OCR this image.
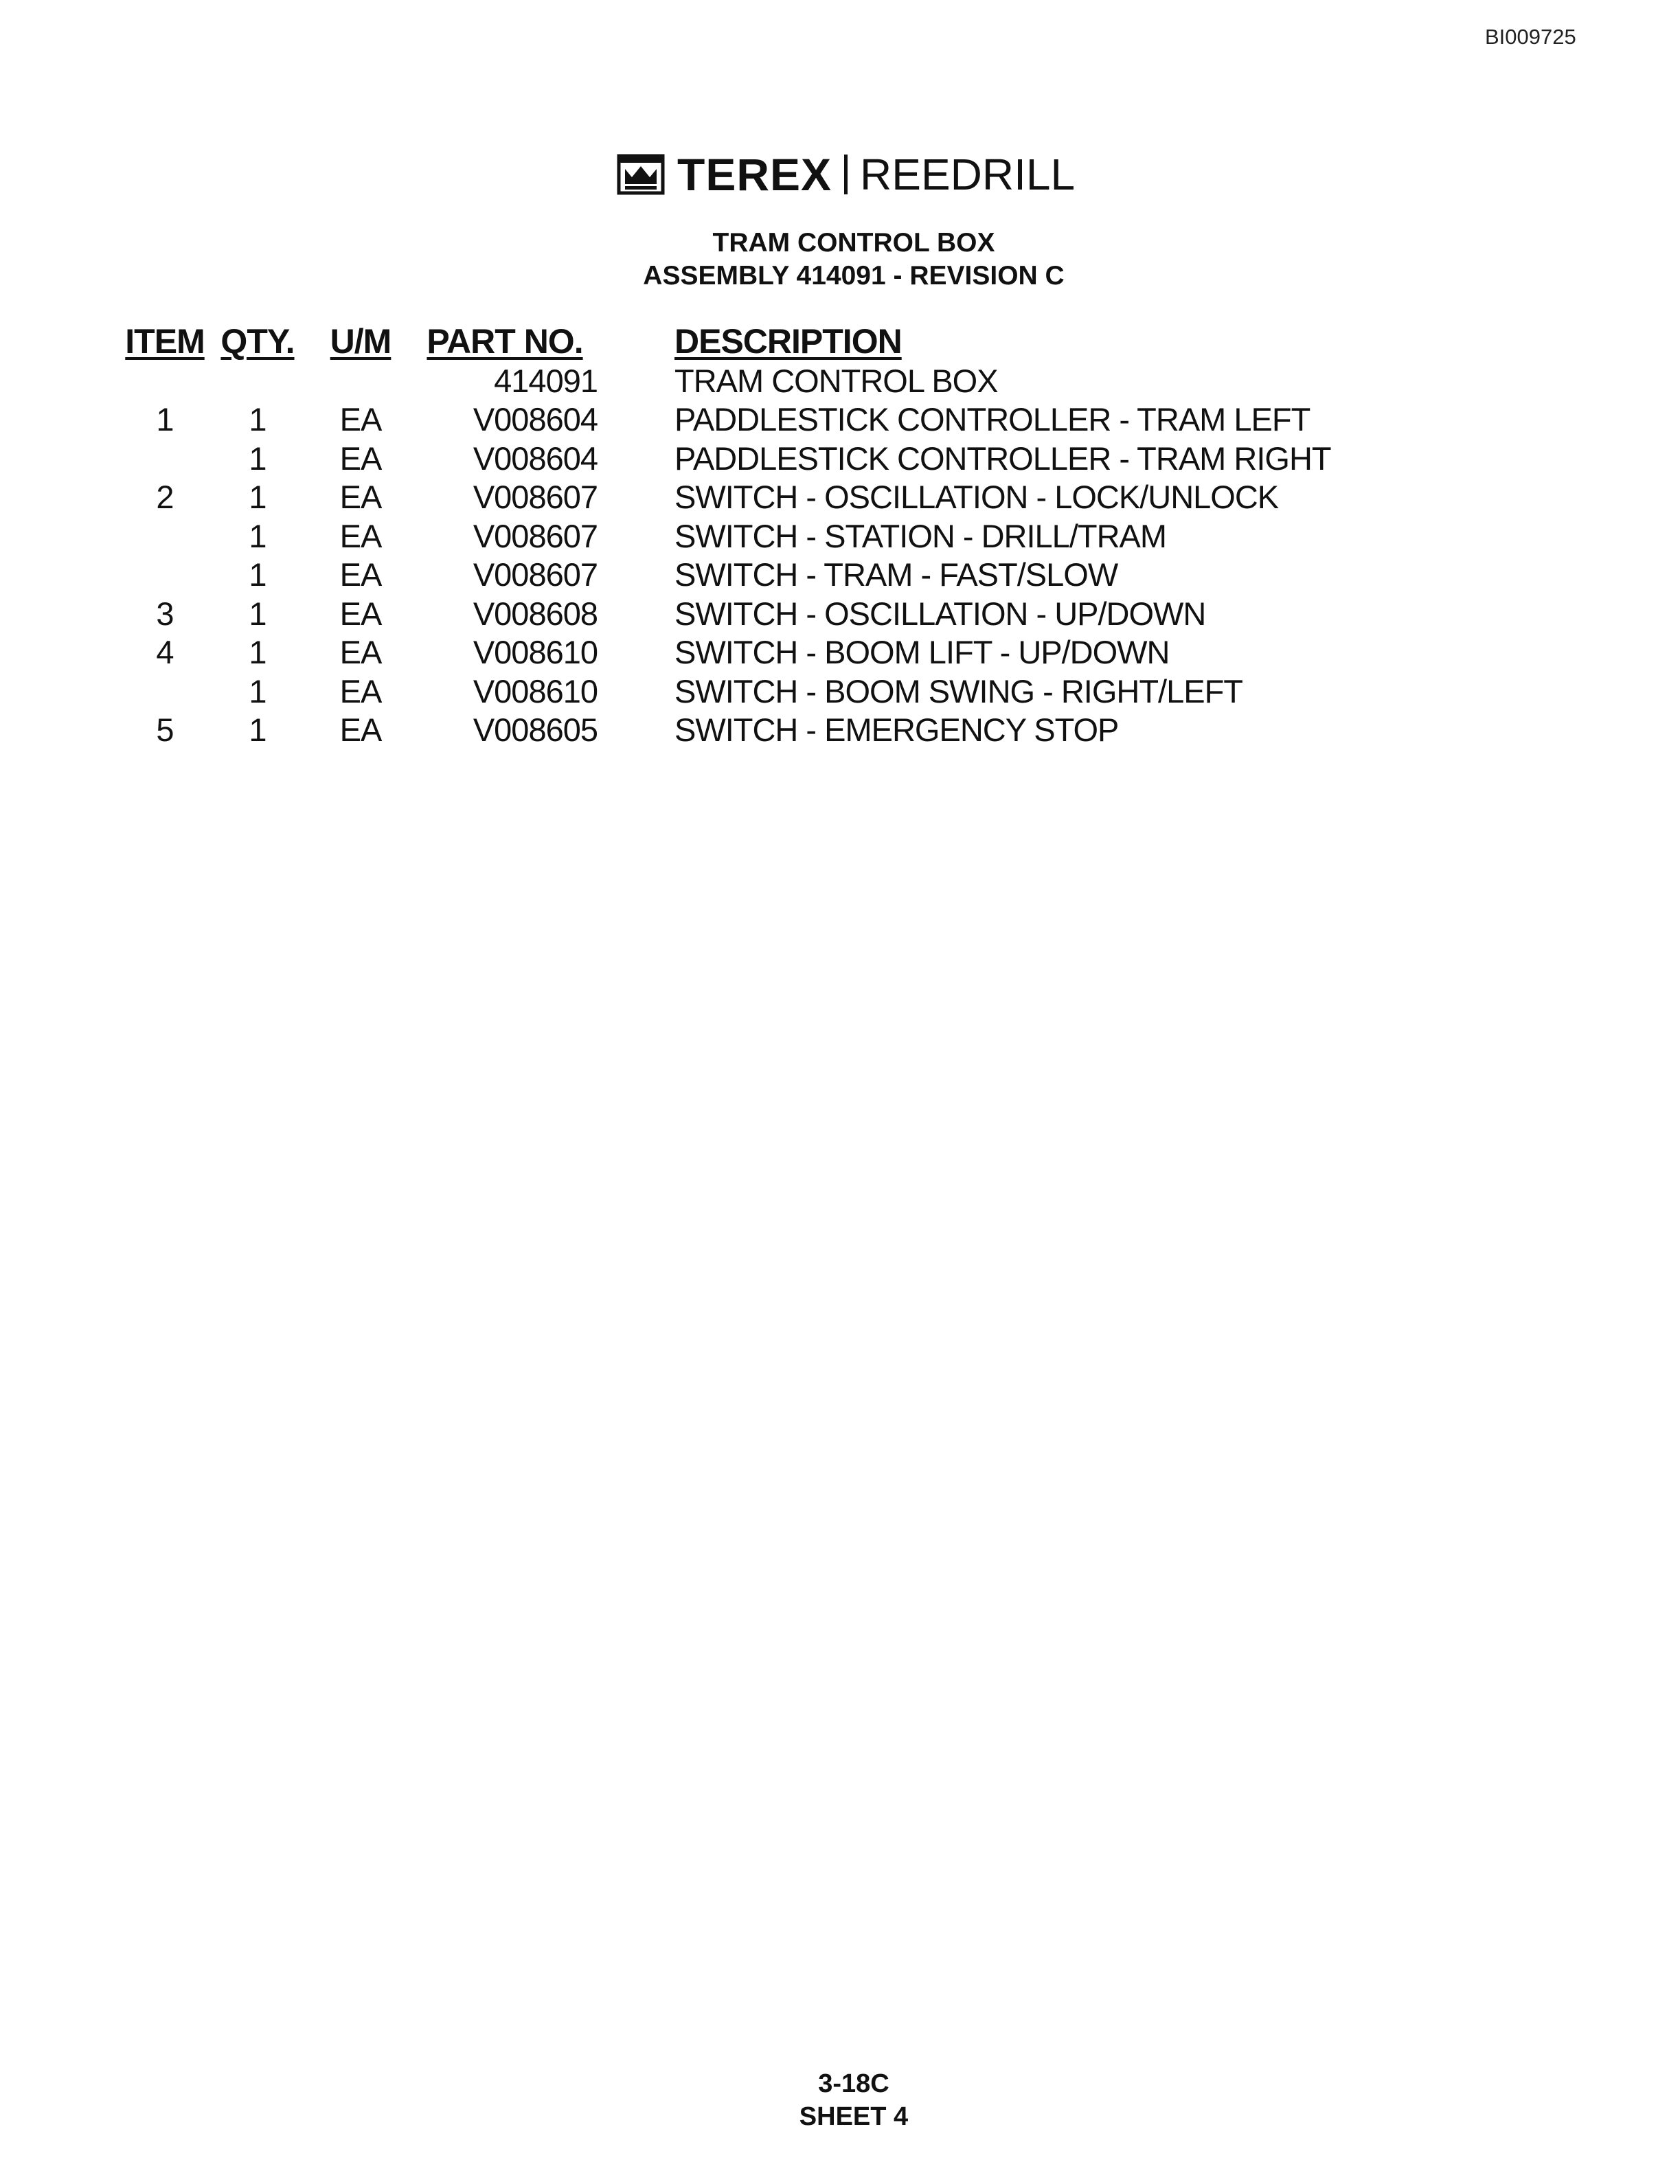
BI009725
TEREX REEDRILL
TRAM CONTROL BOX
ASSEMBLY 414091 - REVISION C
ITEM	QTY.	U/M	PART NO.		DESCRIPTION
			414091		TRAM CONTROL BOX
1	1	EA	V008604		PADDLESTICK CONTROLLER - TRAM LEFT
	1	EA	V008604		PADDLESTICK CONTROLLER - TRAM RIGHT
2	1	EA	V008607		SWITCH - OSCILLATION - LOCK/UNLOCK
	1	EA	V008607		SWITCH - STATION - DRILL/TRAM
	1	EA	V008607		SWITCH - TRAM - FAST/SLOW
3	1	EA	V008608		SWITCH - OSCILLATION - UP/DOWN
4	1	EA	V008610		SWITCH - BOOM LIFT - UP/DOWN
	1	EA	V008610		SWITCH - BOOM SWING - RIGHT/LEFT
5	1	EA	V008605		SWITCH - EMERGENCY STOP
3-18C
SHEET 4
